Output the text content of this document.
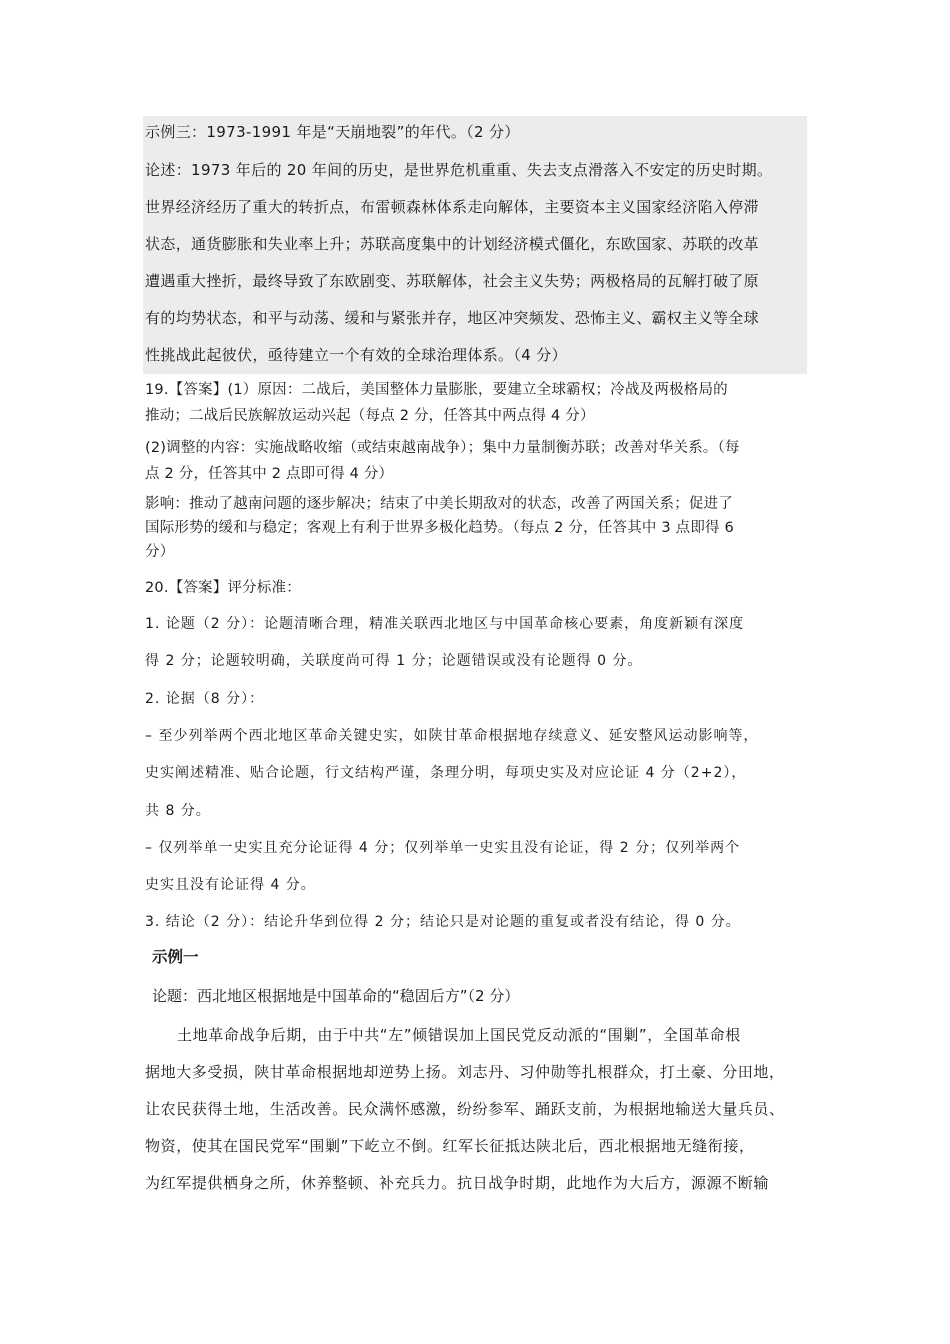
示例三：1973-1991 年是“天崩地裂”的年代。（2 分）
论述：1973 年后的 20 年间的历史，是世界危机重重、失去支点滑落入不安定的历史时期。
世界经济经历了重大的转折点，布雷顿森林体系走向解体，主要资本主义国家经济陷入停滞
状态，通货膨胀和失业率上升；苏联高度集中的计划经济模式僵化，东欧国家、苏联的改革
遭遇重大挫折，最终导致了东欧剧变、苏联解体，社会主义失势；两极格局的瓦解打破了原
有的均势状态，和平与动荡、缓和与紧张并存，地区冲突频发、恐怖主义、霸权主义等全球
性挑战此起彼伏，亟待建立一个有效的全球治理体系。（4 分）
19.【答案】(1）原因：二战后，美国整体力量膨胀，要建立全球霸权；冷战及两极格局的
推动；二战后民族解放运动兴起（每点 2 分，任答其中两点得 4 分）
(2)调整的内容：实施战略收缩（或结束越南战争）；集中力量制衡苏联；改善对华关系。（每
点 2 分，任答其中 2 点即可得 4 分）
影响：推动了越南问题的逐步解决；结束了中美长期敌对的状态，改善了两国关系；促进了
国际形势的缓和与稳定；客观上有利于世界多极化趋势。（每点 2 分，任答其中 3 点即得 6
分）
20.【答案】评分标准：
1. 论题（2 分）：论题清晰合理，精准关联西北地区与中国革命核心要素，角度新颖有深度
得 2 分；论题较明确，关联度尚可得 1 分；论题错误或没有论题得 0 分。
2. 论据（8 分）：
– 至少列举两个西北地区革命关键史实，如陕甘革命根据地存续意义、延安整风运动影响等，
史实阐述精准、贴合论题，行文结构严谨，条理分明，每项史实及对应论证 4 分（2+2），
共 8 分。
– 仅列举单一史实且充分论证得 4 分；仅列举单一史实且没有论证，得 2 分；仅列举两个
史实且没有论证得 4 分。
3. 结论（2 分）：结论升华到位得 2 分；结论只是对论题的重复或者没有结论，得 0 分。
示例一
论题：西北地区根据地是中国革命的“稳固后方”（2 分）
土地革命战争后期，由于中共“左”倾错误加上国民党反动派的“围剿”，全国革命根
据地大多受损，陕甘革命根据地却逆势上扬。刘志丹、习仲勋等扎根群众，打土豪、分田地，
让农民获得土地，生活改善。民众满怀感激，纷纷参军、踊跃支前，为根据地输送大量兵员、
物资，使其在国民党军“围剿”下屹立不倒。红军长征抵达陕北后，西北根据地无缝衔接，
为红军提供栖身之所，休养整顿、补充兵力。抗日战争时期，此地作为大后方，源源不断输
